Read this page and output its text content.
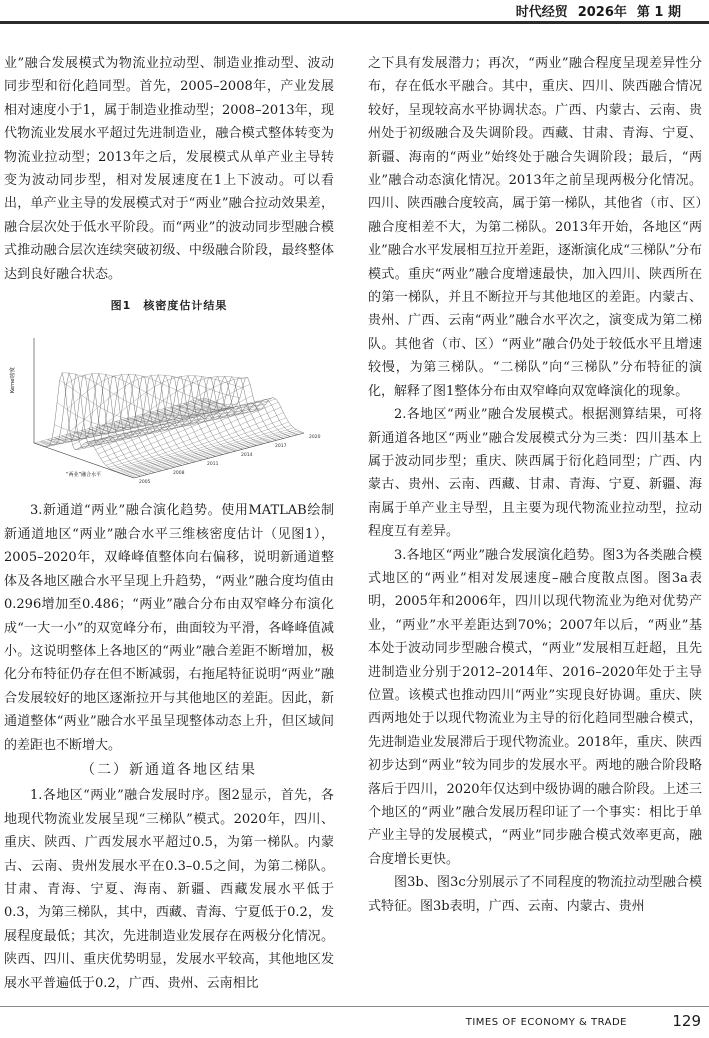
时代经贸 2026年 第 1 期

业”融合发展模式为物流业拉动型、制造业推动型、波动同步型和衍化趋同型。首先，2005–2008年，产业发展相对速度小于1，属于制造业推动型；2008–2013年，现代物流业发展水平超过先进制造业，融合模式整体转变为物流业拉动型；2013年之后，发展模式从单产业主导转变为波动同步型，相对发展速度在1上下波动。可以看出，单产业主导的发展模式对于“两业”融合拉动效果差，融合层次处于低水平阶段。而“两业”的波动同步型融合模式推动融合层次连续突破初级、中级融合阶段，最终整体达到良好融合状态。

图1　核密度估计结果
Kernel密度
“两业”融合水平
2005
2008
2011
2014
2017
2020

3.新通道“两业”融合演化趋势。使用MATLAB绘制新通道地区“两业”融合水平三维核密度估计（见图1），2005–2020年，双峰峰值整体向右偏移，说明新通道整体及各地区融合水平呈现上升趋势，“两业”融合度均值由0.296增加至0.486；“两业”融合分布由双窄峰分布演化成“一大一小”的双宽峰分布，曲面较为平滑，各峰峰值减小。这说明整体上各地区的“两业”融合差距不断增加，极化分布特征仍存在但不断减弱，右拖尾特征说明“两业”融合发展较好的地区逐渐拉开与其他地区的差距。因此，新通道整体“两业”融合水平虽呈现整体动态上升，但区域间的差距也不断增大。

（二）新通道各地区结果

1.各地区“两业”融合发展时序。图2显示，首先，各地现代物流业发展呈现“三梯队”模式。2020年，四川、重庆、陕西、广西发展水平超过0.5，为第一梯队。内蒙古、云南、贵州发展水平在0.3–0.5之间，为第二梯队。甘肃、青海、宁夏、海南、新疆、西藏发展水平低于0.3，为第三梯队，其中，西藏、青海、宁夏低于0.2，发展程度最低；其次，先进制造业发展存在两极分化情况。陕西、四川、重庆优势明显，发展水平较高，其他地区发展水平普遍低于0.2，广西、贵州、云南相比

之下具有发展潜力；再次，“两业”融合程度呈现差异性分布，存在低水平融合。其中，重庆、四川、陕西融合情况较好，呈现较高水平协调状态。广西、内蒙古、云南、贵州处于初级融合及失调阶段。西藏、甘肃、青海、宁夏、新疆、海南的“两业”始终处于融合失调阶段；最后，“两业”融合动态演化情况。2013年之前呈现两极分化情况。四川、陕西融合度较高，属于第一梯队，其他省（市、区）融合度相差不大，为第二梯队。2013年开始，各地区“两业”融合水平发展相互拉开差距，逐渐演化成“三梯队”分布模式。重庆“两业”融合度增速最快，加入四川、陕西所在的第一梯队，并且不断拉开与其他地区的差距。内蒙古、贵州、广西、云南“两业”融合水平次之，演变成为第二梯队。其他省（市、区）“两业”融合仍处于较低水平且增速较慢，为第三梯队。“二梯队”向“三梯队”分布特征的演化，解释了图1整体分布由双窄峰向双宽峰演化的现象。

2.各地区“两业”融合发展模式。根据测算结果，可将新通道各地区“两业”融合发展模式分为三类：四川基本上属于波动同步型；重庆、陕西属于衍化趋同型；广西、内蒙古、贵州、云南、西藏、甘肃、青海、宁夏、新疆、海南属于单产业主导型，且主要为现代物流业拉动型，拉动程度互有差异。

3.各地区“两业”融合发展演化趋势。图3为各类融合模式地区的“两业”相对发展速度–融合度散点图。图3a表明，2005年和2006年，四川以现代物流业为绝对优势产业，“两业”水平差距达到70%；2007年以后，“两业”基本处于波动同步型融合模式，“两业”发展相互赶超，且先进制造业分别于2012–2014年、2016–2020年处于主导位置。该模式也推动四川“两业”实现良好协调。重庆、陕西两地处于以现代物流业为主导的衍化趋同型融合模式，先进制造业发展滞后于现代物流业。2018年，重庆、陕西初步达到“两业”较为同步的发展水平。两地的融合阶段略落后于四川，2020年仅达到中级协调的融合阶段。上述三个地区的“两业”融合发展历程印证了一个事实：相比于单产业主导的发展模式，“两业”同步融合模式效率更高，融合度增长更快。

图3b、图3c分别展示了不同程度的物流拉动型融合模式特征。图3b表明，广西、云南、内蒙古、贵州

TIMES OF ECONOMY & TRADE	129
